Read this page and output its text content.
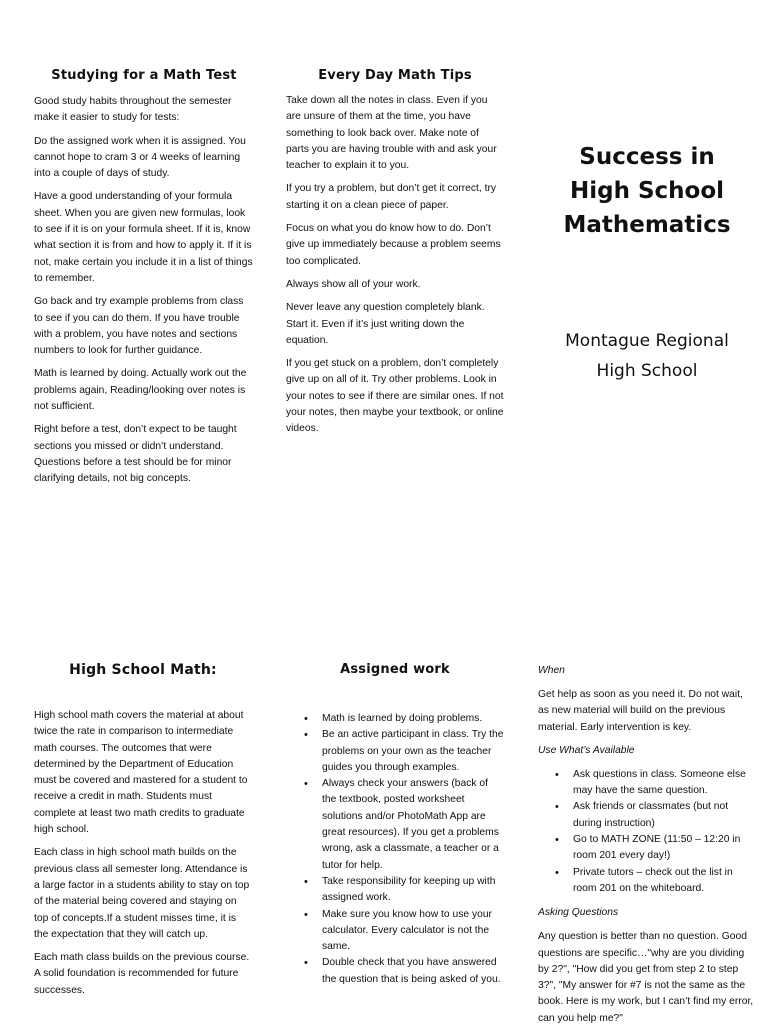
Studying for a Math Test

Good study habits throughout the semester make it easier to study for tests:

Do the assigned work when it is assigned. You cannot hope to cram 3 or 4 weeks of learning into a couple of days of study.

Have a good understanding of your formula sheet. When you are given new formulas, look to see if it is on your formula sheet. If it is, know what section it is from and how to apply it. If it is not, make certain you include it in a list of things to remember.

Go back and try example problems from class to see if you can do them. If you have trouble with a problem, you have notes and sections numbers to look for further guidance.

Math is learned by doing. Actually work out the problems again, Reading/looking over notes is not sufficient.

Right before a test, don’t expect to be taught sections you missed or didn’t understand. Questions before a test should be for minor clarifying details, not big concepts.

Every Day Math Tips

Take down all the notes in class. Even if you are unsure of them at the time, you have something to look back over. Make note of parts you are having trouble with and ask your teacher to explain it to you.

If you try a problem, but don’t get it correct, try starting it on a clean piece of paper.

Focus on what you do know how to do. Don’t give up immediately because a problem seems too complicated.

Always show all of your work.

Never leave any question completely blank. Start it. Even if it’s just writing down the equation.

If you get stuck on a problem, don’t completely give up on all of it. Try other problems. Look in your notes to see if there are similar ones. If not your notes, then maybe your textbook, or online videos.

Success in
High School
Mathematics
Montague Regional
High School
High School Math:

High school math covers the material at about twice the rate in comparison to intermediate math courses. The outcomes that were determined by the Department of Education must be covered and mastered for a student to receive a credit in math. Students must complete at least two math credits to graduate high school.

Each class in high school math builds on the previous class all semester long. Attendance is a large factor in a students ability to stay on top of the material being covered and staying on top of concepts.If a student misses time, it is the expectation that they will catch up.

Each math class builds on the previous course. A solid foundation is recommended for future successes.

Assigned work
• Math is learned by doing problems.
• Be an active participant in class. Try the problems on your own as the teacher guides you through examples.
• Always check your answers (back of the textbook, posted worksheet solutions and/or PhotoMath App are great resources). If you get a problems wrong, ask a classmate, a teacher or a tutor for help.
• Take responsibility for keeping up with assigned work.
• Make sure you know how to use your calculator. Every calculator is not the same.
• Double check that you have answered the question that is being asked of you.

When

Get help as soon as you need it. Do not wait, as new material will build on the previous material. Early intervention is key.

Use What’s Available

• Ask questions in class. Someone else may have the same question.
• Ask friends or classmates (but not during instruction)
• Go to MATH ZONE (11:50 – 12:20 in room 201 every day!)
• Private tutors – check out the list in room 201 on the whiteboard.

Asking Questions

Any question is better than no question. Good questions are specific…"why are you dividing by 2?", "How did you get from step 2 to step 3?", "My answer for #7 is not the same as the book. Here is my work, but I can’t find my error, can you help me?"
